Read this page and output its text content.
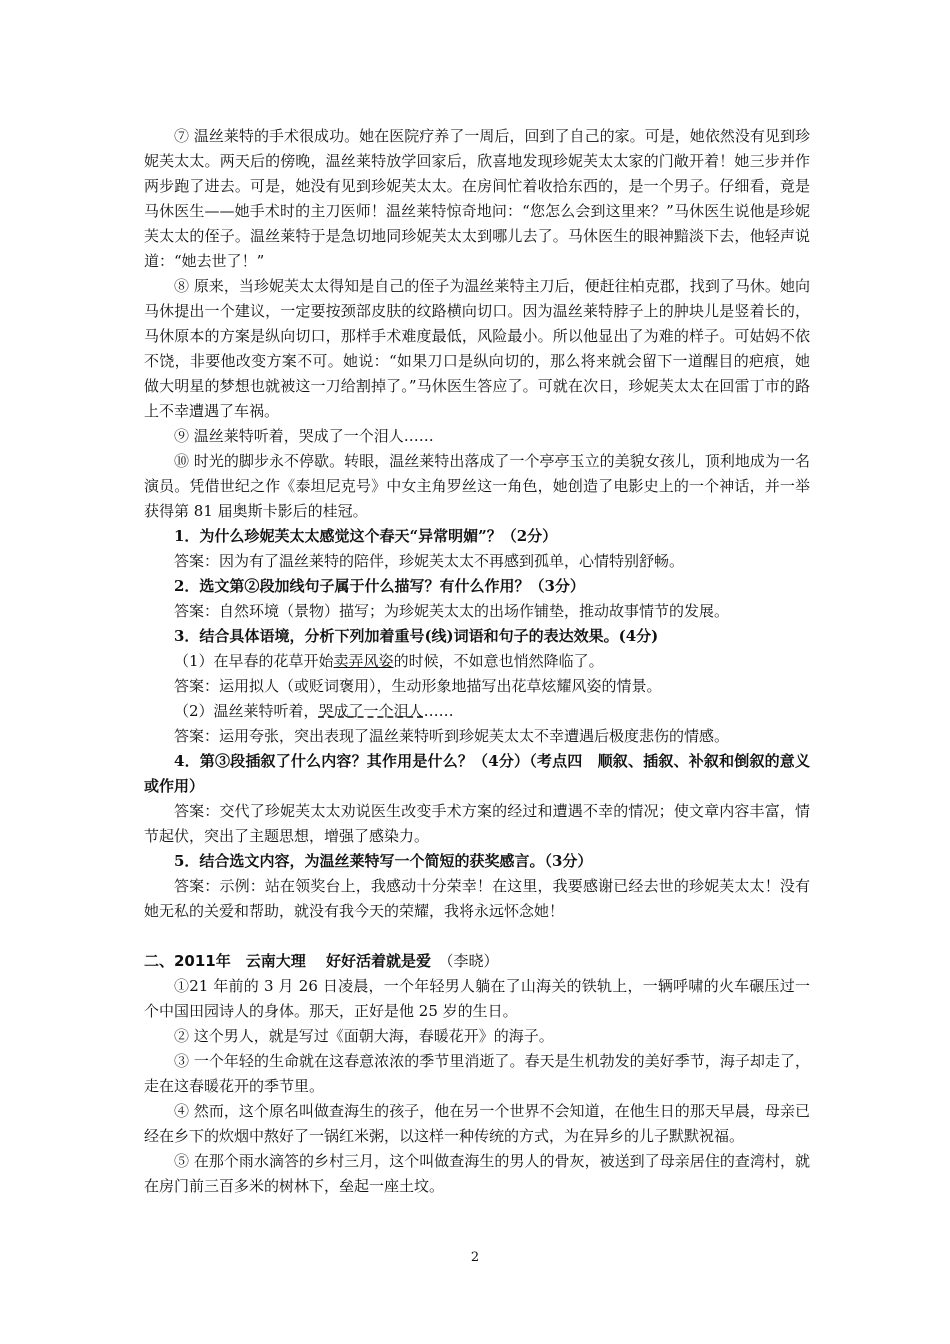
⑦ 温丝莱特的手术很成功。她在医院疗养了一周后，回到了自己的家。可是，她依然没有见到珍妮芙太太。两天后的傍晚，温丝莱特放学回家后，欣喜地发现珍妮芙太太家的门敞开着！她三步并作两步跑了进去。可是，她没有见到珍妮芙太太。在房间忙着收拾东西的，是一个男子。仔细看，竟是马休医生——她手术时的主刀医师！温丝莱特惊奇地问：“您怎么会到这里来？”马休医生说他是珍妮芙太太的侄子。温丝莱特于是急切地同珍妮芙太太到哪儿去了。马休医生的眼神黯淡下去，他轻声说道：“她去世了！”

⑧ 原来，当珍妮芙太太得知是自己的侄子为温丝莱特主刀后，便赶往柏克郡，找到了马休。她向马休提出一个建议，一定要按颈部皮肤的纹路横向切口。因为温丝莱特脖子上的肿块儿是竖着长的，马休原本的方案是纵向切口，那样手术难度最低，风险最小。所以他显出了为难的样子。可姑妈不依不饶，非要他改变方案不可。她说：“如果刀口是纵向切的，那么将来就会留下一道醒目的疤痕，她做大明星的梦想也就被这一刀给割掉了。”马休医生答应了。可就在次日，珍妮芙太太在回雷丁市的路上不幸遭遇了车祸。

⑨ 温丝莱特听着，哭成了一个泪人……

⑩ 时光的脚步永不停歇。转眼，温丝莱特出落成了一个亭亭玉立的美貌女孩儿，顶利地成为一名演员。凭借世纪之作《泰坦尼克号》中女主角罗丝这一角色，她创造了电影史上的一个神话，并一举获得第 81 届奥斯卡影后的桂冠。

1．为什么珍妮芙太太感觉这个春天“异常明媚”？（2分）

答案：因为有了温丝莱特的陪伴，珍妮芙太太不再感到孤单，心情特别舒畅。

2．选文第②段加线句子属于什么描写？有什么作用？（3分）

答案：自然环境（景物）描写；为珍妮芙太太的出场作铺垫，推动故事情节的发展。

3．结合具体语境，分析下列加着重号(线)词语和句子的表达效果。(4分)

（1）在早春的花草开始卖弄风姿的时候，不如意也悄然降临了。

答案：运用拟人（或贬词褒用），生动形象地描写出花草炫耀风姿的情景。

（2）温丝莱特听着，哭成了一个泪人……

答案：运用夸张，突出表现了温丝莱特听到珍妮芙太太不幸遭遇后极度悲伤的情感。

4．第③段插叙了什么内容？其作用是什么？（4分）（考点四　顺叙、插叙、补叙和倒叙的意义或作用）

答案：交代了珍妮芙太太劝说医生改变手术方案的经过和遭遇不幸的情况；使文章内容丰富，情节起伏，突出了主题思想，增强了感染力。

5．结合选文内容，为温丝莱特写一个简短的获奖感言。（3分）

答案：示例：站在领奖台上，我感动十分荣幸！在这里，我要感谢已经去世的珍妮芙太太！没有她无私的关爱和帮助，就没有我今天的荣耀，我将永远怀念她！

二、2011年　云南大理　 好好活着就是爱　（李晓）

①21 年前的 3 月 26 日凌晨，一个年轻男人躺在了山海关的铁轨上，一辆呼啸的火车碾压过一个中国田园诗人的身体。那天，正好是他 25 岁的生日。

② 这个男人，就是写过《面朝大海，春暖花开》的海子。

③ 一个年轻的生命就在这春意浓浓的季节里消逝了。春天是生机勃发的美好季节，海子却走了，走在这春暖花开的季节里。

④ 然而，这个原名叫做查海生的孩子，他在另一个世界不会知道，在他生日的那天早晨，母亲已经在乡下的炊烟中熬好了一锅红米粥，以这样一种传统的方式，为在异乡的儿子默默祝福。

⑤ 在那个雨水滴答的乡村三月，这个叫做查海生的男人的骨灰，被送到了母亲居住的查湾村，就在房门前三百多米的树林下，垒起一座土坟。

2
